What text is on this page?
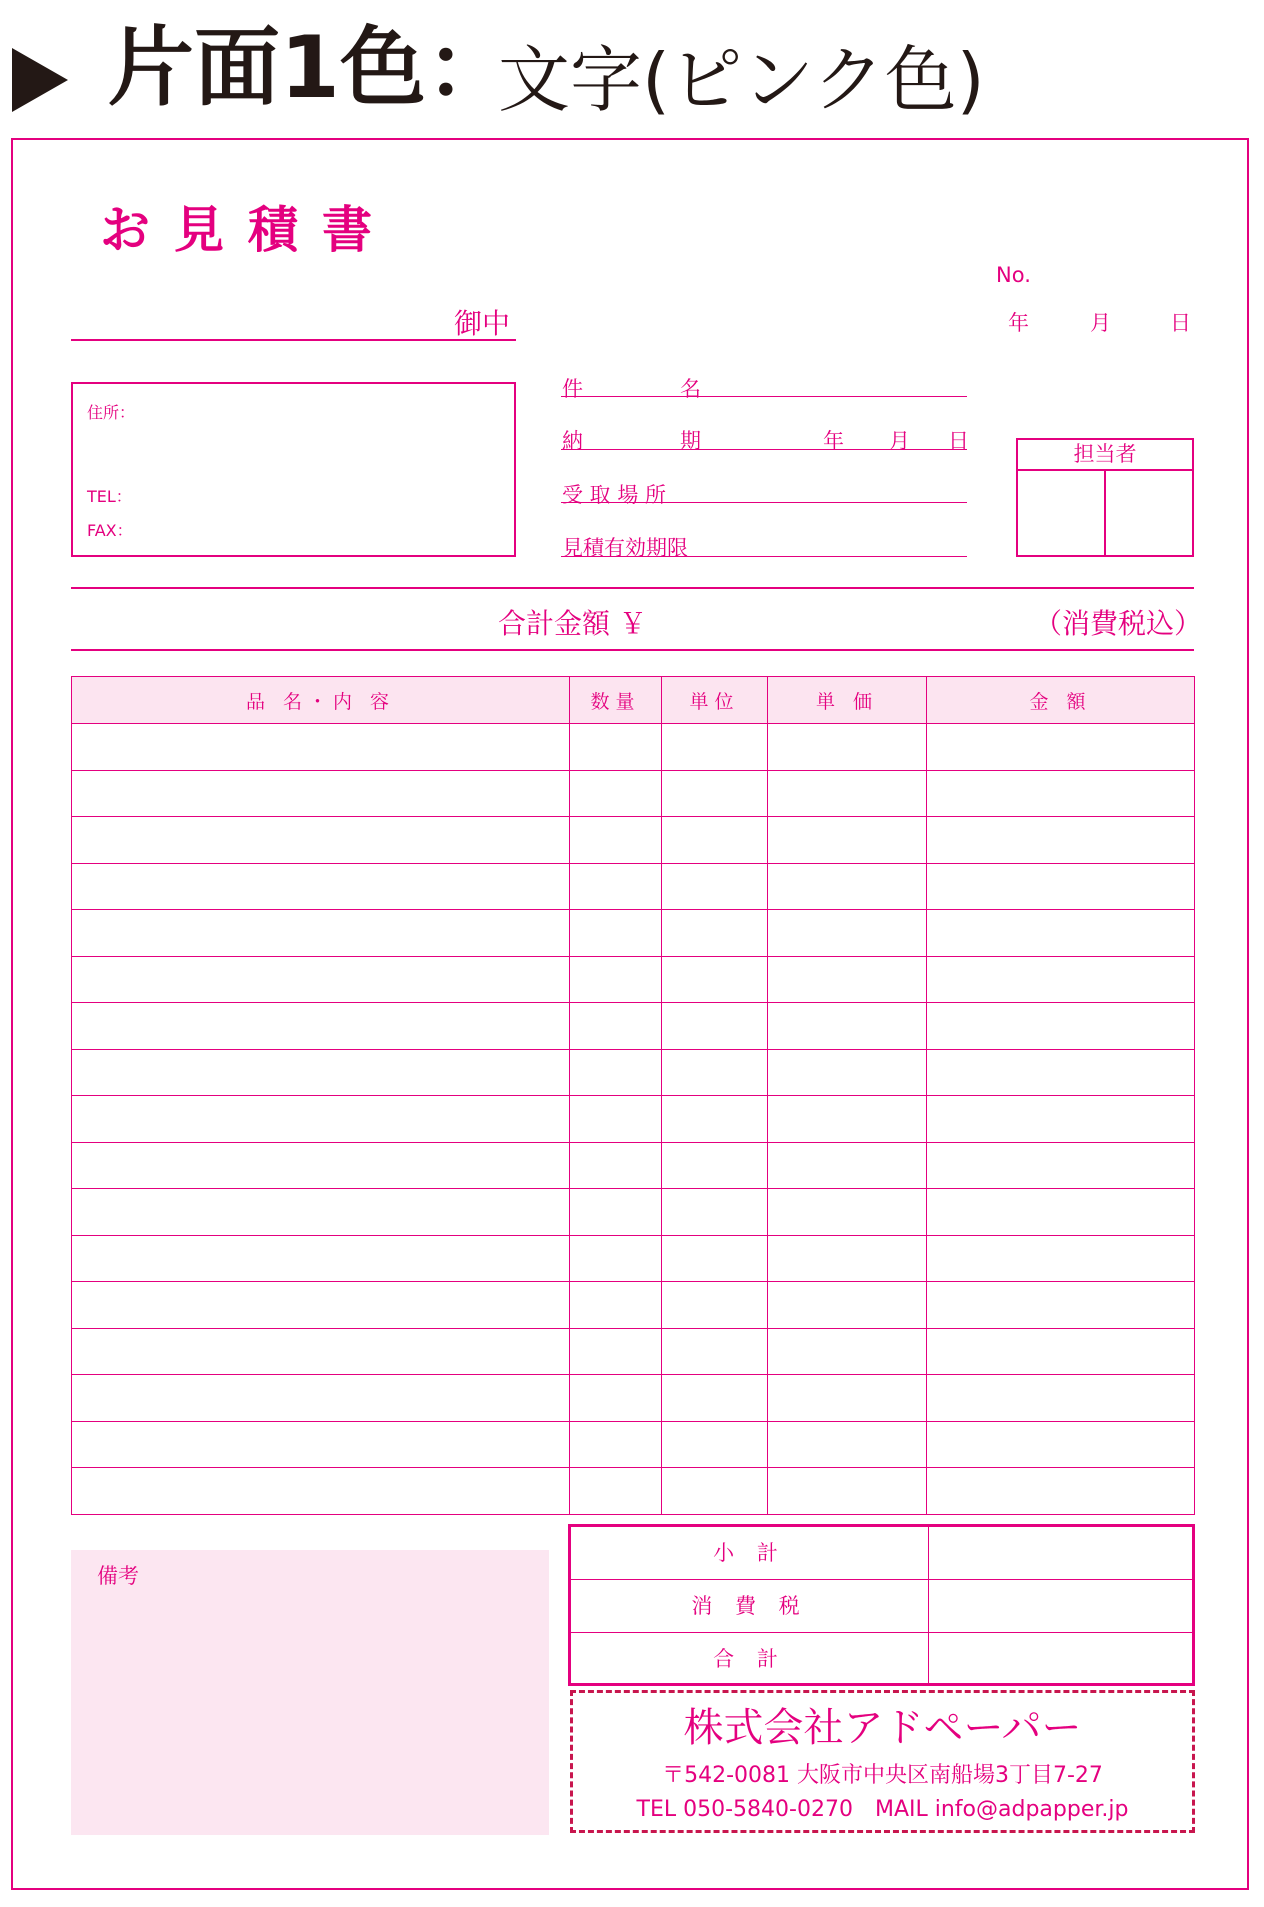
片面1色：
文字(ピンク色)
お見積書
No.
年	月	日
御中
住所：
TEL：
FAX：
件	名
納	期	年 月 日
受 取 場 所
見積有効期限
担当者
合計金額 ￥	（消費税込）
品 名・内 容	数量	単位	単 価	金 額

備考
小 計
消 費 税
合 計
株式会社アドペーパー
〒542-0081 大阪市中央区南船場3丁目7-27
TEL 050-5840-0270　MAIL info@adpapper.jp
